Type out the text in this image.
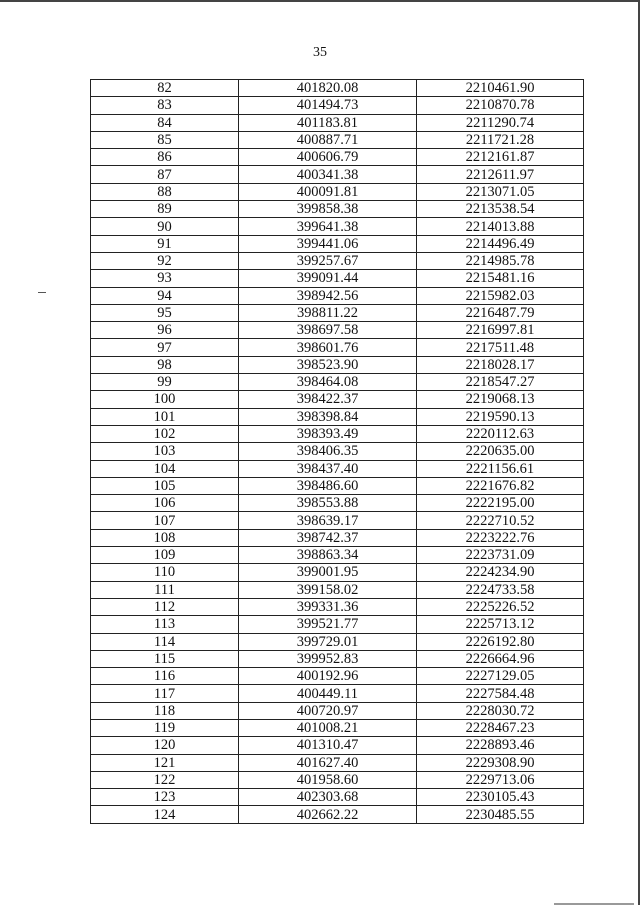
35
82	401820.08	2210461.90
83	401494.73	2210870.78
84	401183.81	2211290.74
85	400887.71	2211721.28
86	400606.79	2212161.87
87	400341.38	2212611.97
88	400091.81	2213071.05
89	399858.38	2213538.54
90	399641.38	2214013.88
91	399441.06	2214496.49
92	399257.67	2214985.78
93	399091.44	2215481.16
94	398942.56	2215982.03
95	398811.22	2216487.79
96	398697.58	2216997.81
97	398601.76	2217511.48
98	398523.90	2218028.17
99	398464.08	2218547.27
100	398422.37	2219068.13
101	398398.84	2219590.13
102	398393.49	2220112.63
103	398406.35	2220635.00
104	398437.40	2221156.61
105	398486.60	2221676.82
106	398553.88	2222195.00
107	398639.17	2222710.52
108	398742.37	2223222.76
109	398863.34	2223731.09
110	399001.95	2224234.90
111	399158.02	2224733.58
112	399331.36	2225226.52
113	399521.77	2225713.12
114	399729.01	2226192.80
115	399952.83	2226664.96
116	400192.96	2227129.05
117	400449.11	2227584.48
118	400720.97	2228030.72
119	401008.21	2228467.23
120	401310.47	2228893.46
121	401627.40	2229308.90
122	401958.60	2229713.06
123	402303.68	2230105.43
124	402662.22	2230485.55
